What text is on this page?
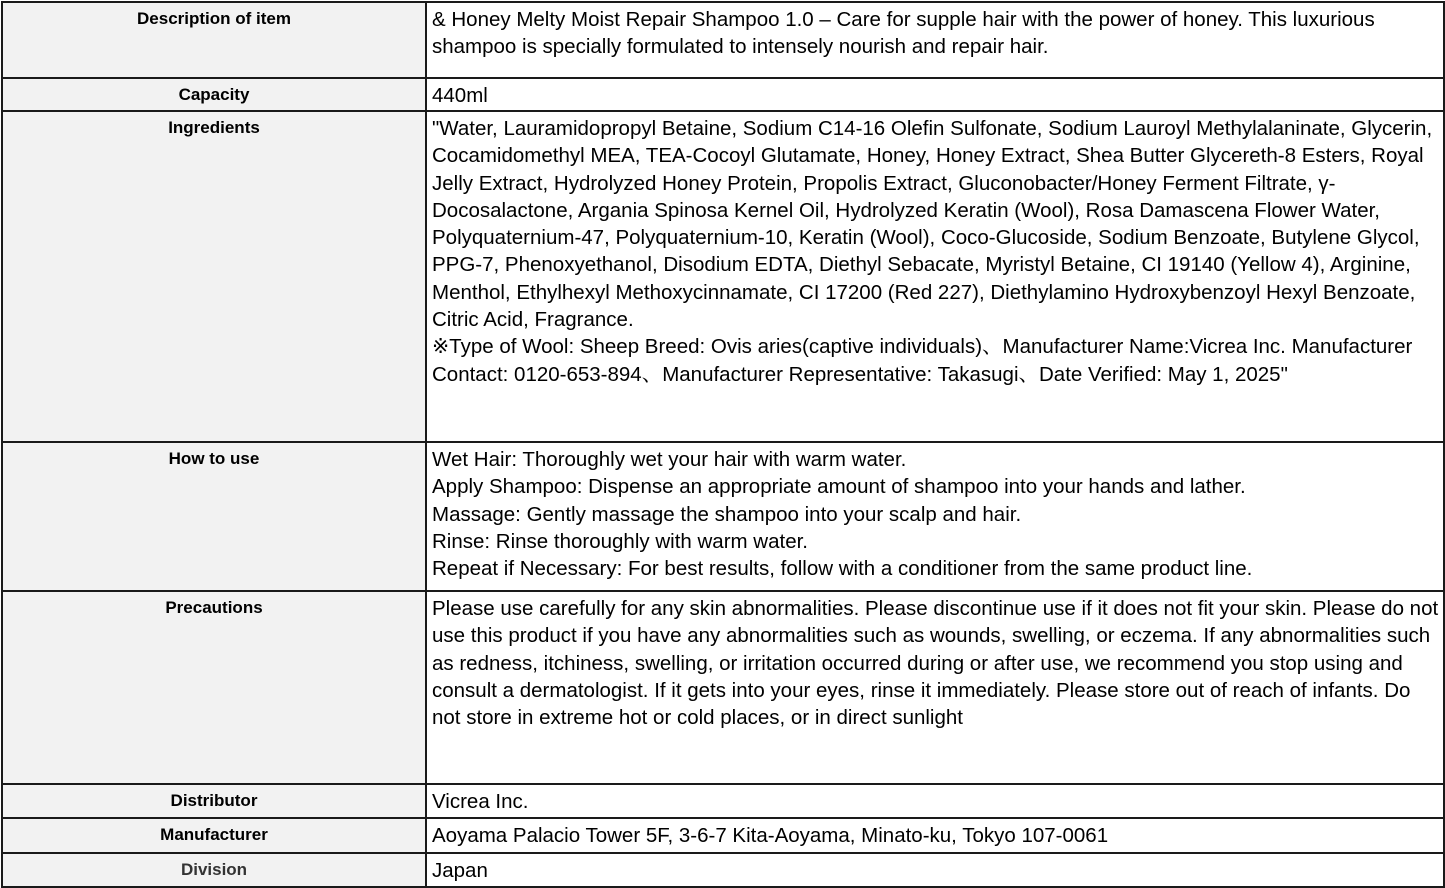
Description of item	& Honey Melty Moist Repair Shampoo 1.0 – Care for supple hair with the power of honey. This luxurious shampoo is specially formulated to intensely nourish and repair hair.
Capacity	440ml
Ingredients	"Water, Lauramidopropyl Betaine, Sodium C14-16 Olefin Sulfonate, Sodium Lauroyl Methylalaninate, Glycerin, Cocamidomethyl MEA, TEA-Cocoyl Glutamate, Honey, Honey Extract, Shea Butter Glycereth-8 Esters, Royal Jelly Extract, Hydrolyzed Honey Protein, Propolis Extract, Gluconobacter/Honey Ferment Filtrate, γ-Docosalactone, Argania Spinosa Kernel Oil, Hydrolyzed Keratin (Wool), Rosa Damascena Flower Water, Polyquaternium-47, Polyquaternium-10, Keratin (Wool), Coco-Glucoside, Sodium Benzoate, Butylene Glycol, PPG-7, Phenoxyethanol, Disodium EDTA, Diethyl Sebacate, Myristyl Betaine, CI 19140 (Yellow 4), Arginine, Menthol, Ethylhexyl Methoxycinnamate, CI 17200 (Red 227), Diethylamino Hydroxybenzoyl Hexyl Benzoate, Citric Acid, Fragrance.
※Type of Wool: Sheep Breed: Ovis aries(captive individuals)、Manufacturer Name:Vicrea Inc. Manufacturer Contact: 0120-653-894、Manufacturer Representative: Takasugi、Date Verified: May 1, 2025"

How to use	Wet Hair: Thoroughly wet your hair with warm water.
Apply Shampoo: Dispense an appropriate amount of shampoo into your hands and lather.
Massage: Gently massage the shampoo into your scalp and hair.
Rinse: Rinse thoroughly with warm water.
Repeat if Necessary: For best results, follow with a conditioner from the same product line.

Precautions	Please use carefully for any skin abnormalities. Please discontinue use if it does not fit your skin. Please do not use this product if you have any abnormalities such as wounds, swelling, or eczema. If any abnormalities such as redness, itchiness, swelling, or irritation occurred during or after use, we recommend you stop using and consult a dermatologist. If it gets into your eyes, rinse it immediately. Please store out of reach of infants. Do not store in extreme hot or cold places, or in direct sunlight
Distributor	Vicrea Inc.
Manufacturer	Aoyama Palacio Tower 5F, 3-6-7 Kita-Aoyama, Minato-ku, Tokyo 107-0061
Division	Japan
